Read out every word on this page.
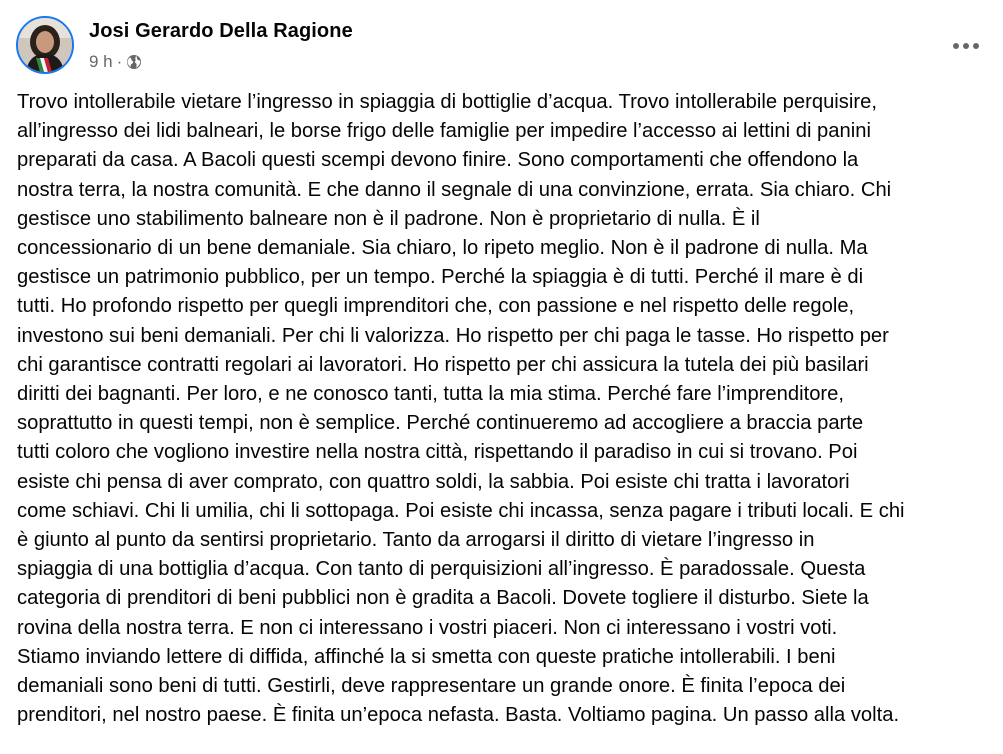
Josi Gerardo Della Ragione
9 h ·
Trovo intollerabile vietare l’ingresso in spiaggia di bottiglie d’acqua. Trovo intollerabile perquisire,
all’ingresso dei lidi balneari, le borse frigo delle famiglie per impedire l’accesso ai lettini di panini
preparati da casa. A Bacoli questi scempi devono finire. Sono comportamenti che offendono la
nostra terra, la nostra comunità. E che danno il segnale di una convinzione, errata. Sia chiaro. Chi
gestisce uno stabilimento balneare non è il padrone. Non è proprietario di nulla. È il
concessionario di un bene demaniale. Sia chiaro, lo ripeto meglio. Non è il padrone di nulla. Ma
gestisce un patrimonio pubblico, per un tempo. Perché la spiaggia è di tutti. Perché il mare è di
tutti. Ho profondo rispetto per quegli imprenditori che, con passione e nel rispetto delle regole,
investono sui beni demaniali. Per chi li valorizza. Ho rispetto per chi paga le tasse. Ho rispetto per
chi garantisce contratti regolari ai lavoratori. Ho rispetto per chi assicura la tutela dei più basilari
diritti dei bagnanti. Per loro, e ne conosco tanti, tutta la mia stima. Perché fare l’imprenditore,
soprattutto in questi tempi, non è semplice. Perché continueremo ad accogliere a braccia parte
tutti coloro che vogliono investire nella nostra città, rispettando il paradiso in cui si trovano. Poi
esiste chi pensa di aver comprato, con quattro soldi, la sabbia. Poi esiste chi tratta i lavoratori
come schiavi. Chi li umilia, chi li sottopaga. Poi esiste chi incassa, senza pagare i tributi locali. E chi
è giunto al punto da sentirsi proprietario. Tanto da arrogarsi il diritto di vietare l’ingresso in
spiaggia di una bottiglia d’acqua. Con tanto di perquisizioni all’ingresso. È paradossale. Questa
categoria di prenditori di beni pubblici non è gradita a Bacoli. Dovete togliere il disturbo. Siete la
rovina della nostra terra. E non ci interessano i vostri piaceri. Non ci interessano i vostri voti.
Stiamo inviando lettere di diffida, affinché la si smetta con queste pratiche intollerabili. I beni
demaniali sono beni di tutti. Gestirli, deve rappresentare un grande onore. È finita l’epoca dei
prenditori, nel nostro paese. È finita un’epoca nefasta. Basta. Voltiamo pagina. Un passo alla volta.
